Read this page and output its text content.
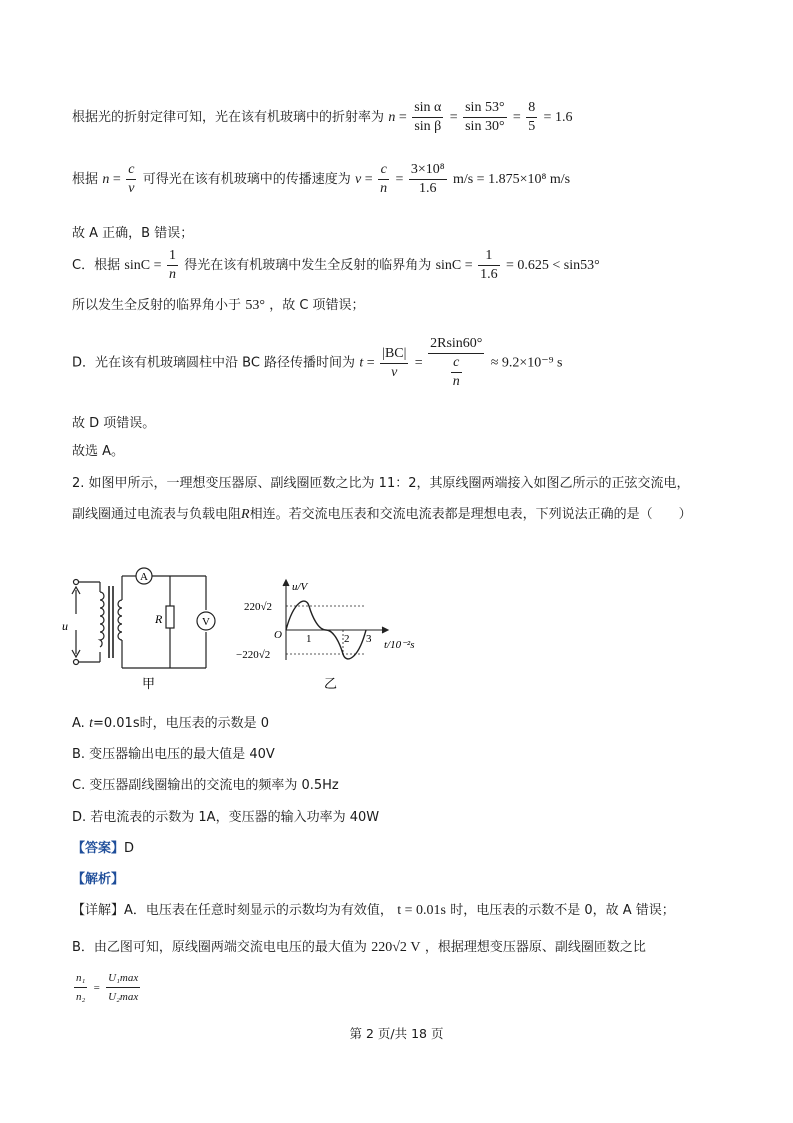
根据光的折射定律可知，光在该有机玻璃中的折射率为 $n = \frac{\text{sin α}}{\text{sin β}} = \frac{\sin 53^\circ}{\sin 30^\circ} = \frac{8}{5} = 1.6$
根据 $n = \frac{c}{v}$ 可得光在该有机玻璃中的传播速度为 $v = \frac{c}{n} = \frac{\text{3×10⁸}}{1.6} m/s = 1.875\times 10^8$ m/s
故 A 正确，B 错误；
C．根据 $\sin C = \frac{1}{n}$ 得光在该有机玻璃中发生全反射的临界角为 $\sin C = \frac{1}{1.6} = 0.625 < \sin 53^\circ$
所以发生全反射的临界角小于 53° ，故 C 项错误；
D．光在该有机玻璃圆柱中沿 BC 路径传播时间为 $t = \frac{|BC|}{v} = \frac{2Rsin60^\circ}{\frac{c}{n}} \approx 9.2\times 10^{-9}$ s
故 D 项错误。
故选 A。
2. 如图甲所示，一理想变压器原、副线圈匝数之比为 11：2，其原线圈两端接入如图乙所示的正弦交流电，
副线圈通过电流表与负载电阻R相连。若交流电压表和交流电流表都是理想电表，下列说法正确的是（　　）
A
V
R
u
甲
u/V
220√2
−220√2
O 1	2 3 t/10⁻²s
乙
A. t=0.01s时，电压表的示数是 0
B. 变压器输出电压的最大值是 40V
C. 变压器副线圈输出的交流电的频率为 0.5Hz
D. 若电流表的示数为 1A，变压器的输入功率为 40W
【答案】D
【解析】
【详解】A．电压表在任意时刻显示的示数均为有效值， t = 0.01s 时，电压表的示数不是 0，故 A 错误；
B．由乙图可知，原线圈两端交流电电压的最大值为 220√2 V ，根据理想变压器原、副线圈匝数之比
$\frac{\text{n₁}}{\text{n₂}} = \frac{\text{U₁max}}{\text{U₂max}}$
第 2 页/共 18 页
